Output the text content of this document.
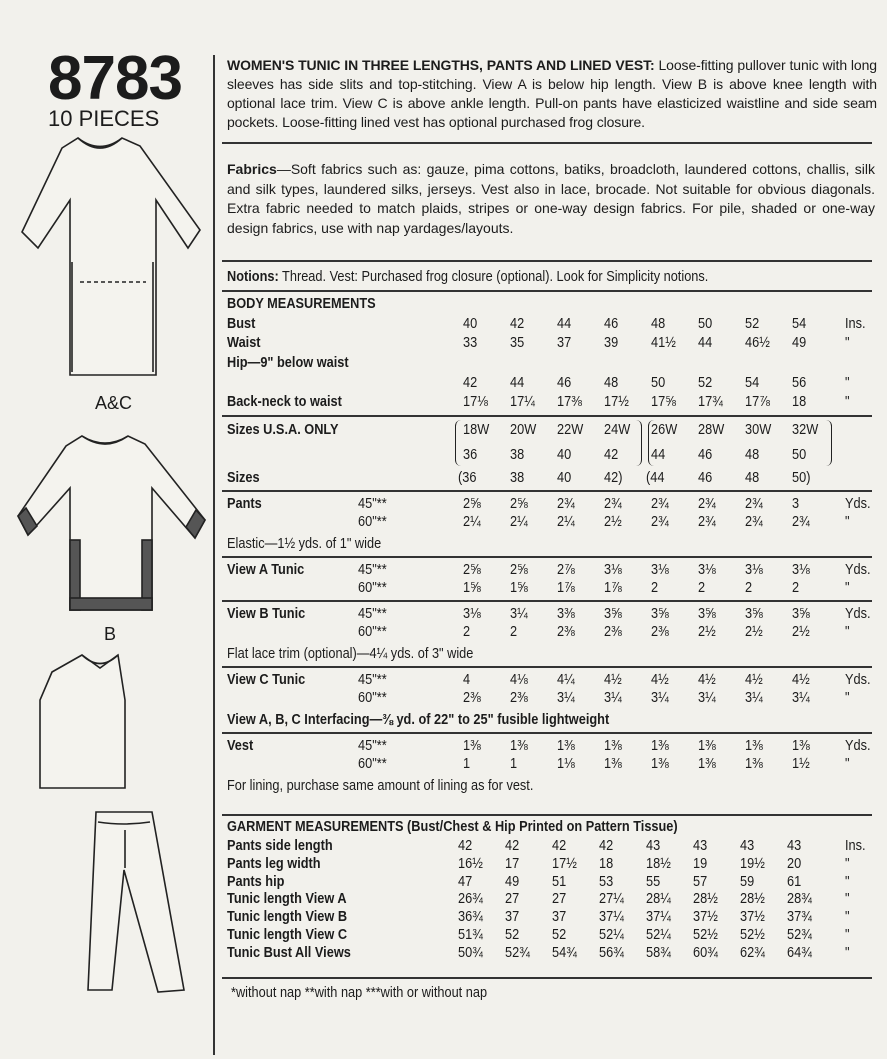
8783
10 PIECES
A&C
B
WOMEN'S TUNIC IN THREE LENGTHS, PANTS AND LINED VEST: Loose-fitting pullover tunic with long sleeves has side slits and top-stitching. View A is below hip length. View B is above knee length with optional lace trim. View C is above ankle length. Pull-on pants have elasticized waistline and side seam pockets. Loose-fitting lined vest has optional purchased frog closure.
Fabrics—Soft fabrics such as: gauze, pima cottons, batiks, broadcloth, laundered cottons, challis, silk and silk types, laundered silks, jerseys. Vest also in lace, brocade. Not suitable for obvious diagonals. Extra fabric needed to match plaids, stripes or one-way design fabrics. For pile, shaded or one-way design fabrics, use with nap yardages/layouts.
Notions: Thread. Vest: Purchased frog closure (optional). Look for Simplicity notions.
*without nap **with nap ***with or without nap
BODY MEASUREMENTS
Bust	40 42 44 46 48 50 52 54	Ins.
Waist	33 35 37 39 41½ 44 46½ 49	"
Hip—9" below waist
42 44 46 48 50 52 54 56	"
Back-neck to waist	17⅛ 17¼ 17⅜ 17½ 17⅝ 17¾ 17⅞ 18	"
Sizes U.S.A. ONLY	18W 20W 22W 24W 26W 28W 30W 32W
36 38 40 42 44 46 48 50
Sizes	(36 38 40 42) (44 46 48 50)
Pants	45"**	2⅝ 2⅝ 2¾ 2¾ 2¾ 2¾ 2¾ 3	Yds.
60"**	2¼ 2¼ 2¼ 2½ 2¾ 2¾ 2¾ 2¾ "
Elastic—1½ yds. of 1" wide
View A Tunic	45"**	2⅝ 2⅝ 2⅞ 3⅛ 3⅛ 3⅛ 3⅛ 3⅛ Yds.
60"**	1⅝ 1⅝ 1⅞ 1⅞ 2	2	2	2	"
View B Tunic	45"**	3⅛ 3¼ 3⅜ 3⅝ 3⅝ 3⅝ 3⅝ 3⅝ Yds.
60"**	2	2	2⅜ 2⅜ 2⅜ 2½ 2½ 2½ "
Flat lace trim (optional)—4¼ yds. of 3" wide
View C Tunic	45"**	4	4⅛ 4¼ 4½ 4½ 4½ 4½ 4½ Yds.
60"**	2⅜ 2⅜ 3¼ 3¼ 3¼ 3¼ 3¼ 3¼ "
View A, B, C Interfacing—⅜ yd. of 22" to 25" fusible lightweight
Vest	45"**	1⅜ 1⅜ 1⅜ 1⅜ 1⅜ 1⅜ 1⅜ 1⅜ Yds.
60"**	1	1	1⅛ 1⅜ 1⅜ 1⅜ 1⅜ 1½ "
For lining, purchase same amount of lining as for vest.
GARMENT MEASUREMENTS (Bust/Chest & Hip Printed on Pattern Tissue)
Pants side length	42 42 42 42 43 43 43 43	Ins.
Pants leg width	16½ 17 17½ 18 18½ 19 19½ 20	"
Pants hip	47 49 51 53 55 57 59 61	"
Tunic length View A	26¾ 27 27 27¼ 28¼ 28½ 28½ 28¾ "
Tunic length View B	36¾ 37 37 37¼ 37¼ 37½ 37½ 37¾ "
Tunic length View C	51¾ 52 52 52¼ 52¼ 52½ 52½ 52¾ "
Tunic Bust All Views	50¾ 52¾ 54¾ 56¾ 58¾ 60¾ 62¾ 64¾ "
